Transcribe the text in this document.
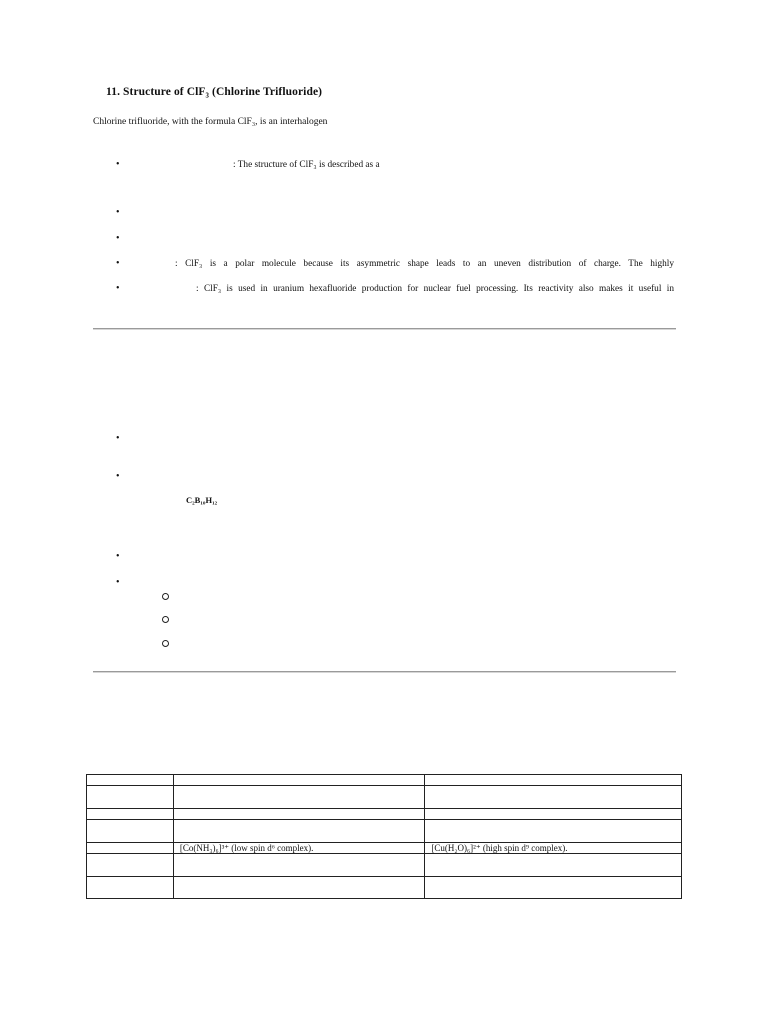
11. Structure of ClF₃ (Chlorine Trifluoride)
Chlorine trifluoride, with the formula ClF₃, is an interhalogen
•	: The structure of ClF₃ is described as a
•
•
•	: ClF₃ is a polar molecule because its asymmetric shape leads to an uneven distribution of charge. The highly
•	: ClF₃ is used in uranium hexafluoride production for nuclear fuel processing. Its reactivity also makes it useful in
•
•
C₂B₁₀H₁₂
•
•

	[Co(NH₃)₆]³⁺ (low spin d⁶ complex).	[Cu(H₂O)₆]²⁺ (high spin d⁹ complex).
